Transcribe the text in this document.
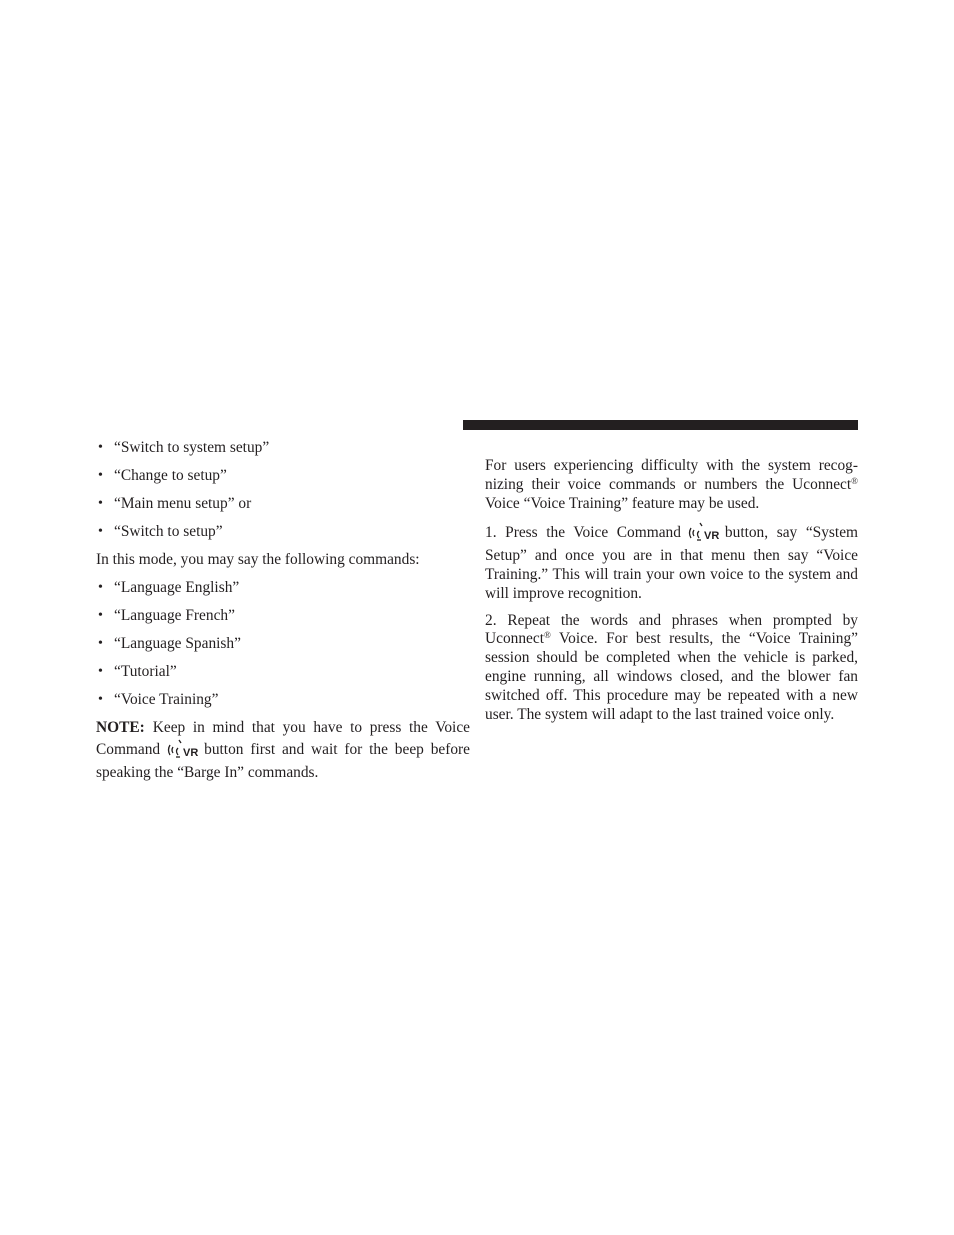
• “Switch to system setup”
• “Change to setup”
• “Main menu setup” or
• “Switch to setup”

In this mode, you may say the following commands:

• “Language English”
• “Language French”
• “Language Spanish”
• “Tutorial”
• “Voice Training”

NOTE: Keep in mind that you have to press the Voice Command VR button first and wait for the beep before speaking the “Barge In” commands.

For users experiencing difficulty with the system recog-nizing their voice commands or numbers the Uconnect® Voice “Voice Training” feature may be used.

1. Press the Voice Command VR button, say “System Setup” and once you are in that menu then say “Voice Training.” This will train your own voice to the system and will improve recognition.

2. Repeat the words and phrases when prompted by Uconnect® Voice. For best results, the “Voice Training” session should be completed when the vehicle is parked, engine running, all windows closed, and the blower fan switched off. This procedure may be repeated with a new user. The system will adapt to the last trained voice only.
